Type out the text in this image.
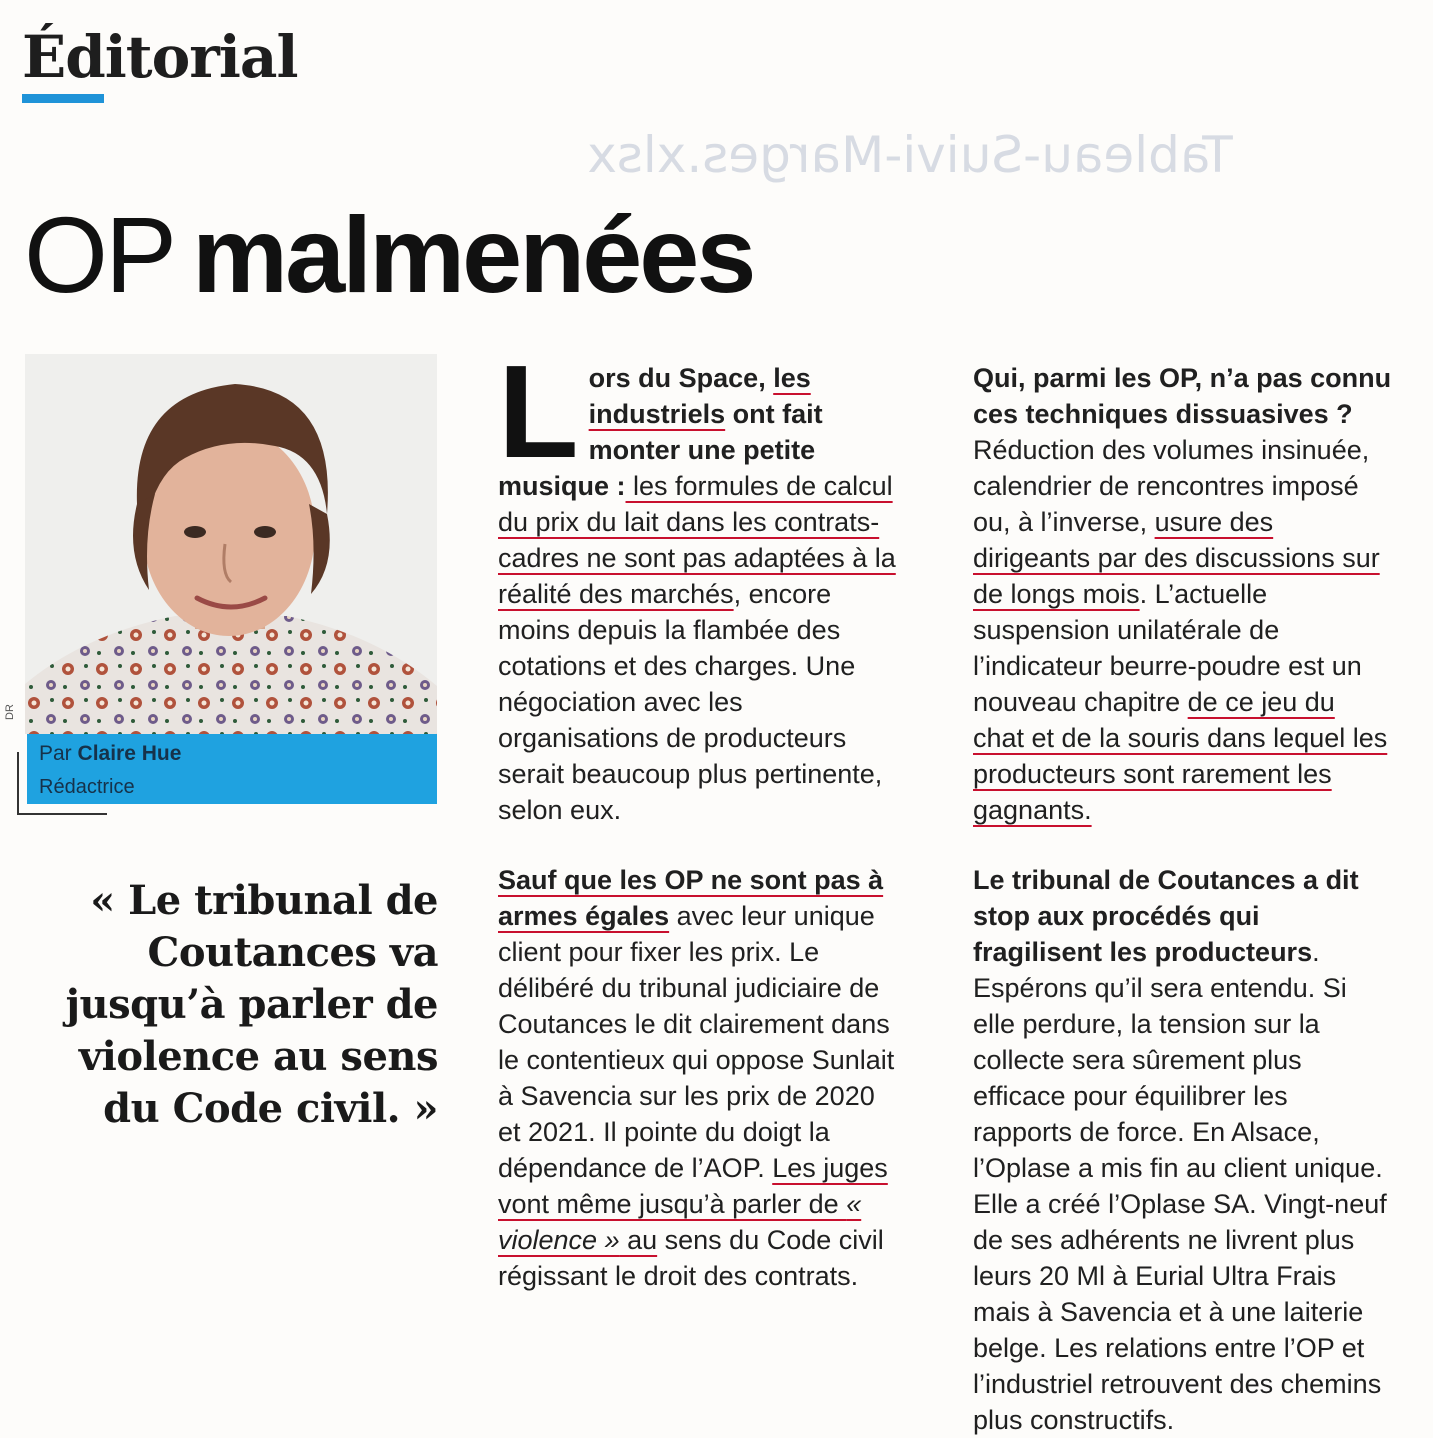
Éditorial
Tableau-Suivi-Marges.xlsx
OP malmenées
DR
Par Claire Hue
Rédactrice
« Le tribunal de Coutances va jusqu’à parler de violence au sens du Code civil. »

L ors du Space, les industriels ont fait monter une petite musique : les formules de calcul du prix du lait dans les contrats-cadres ne sont pas adaptées à la réalité des marchés, encore moins depuis la flambée des cotations et des charges. Une négociation avec les organisations de producteurs serait beaucoup plus pertinente, selon eux.

Sauf que les OP ne sont pas à armes égales avec leur unique client pour fixer les prix. Le délibéré du tribunal judiciaire de Coutances le dit clairement dans le contentieux qui oppose Sunlait à Savencia sur les prix de 2020 et 2021. Il pointe du doigt la dépendance de l’AOP. Les juges vont même jusqu’à parler de « violence » au sens du Code civil régissant le droit des contrats.

Qui, parmi les OP, n’a pas connu ces techniques dissuasives ? Réduction des volumes insinuée, calendrier de rencontres imposé ou, à l’inverse, usure des dirigeants par des discussions sur de longs mois. L’actuelle suspension unilatérale de l’indicateur beurre-poudre est un nouveau chapitre de ce jeu du chat et de la souris dans lequel les producteurs sont rarement les gagnants.

Le tribunal de Coutances a dit stop aux procédés qui fragilisent les producteurs. Espérons qu’il sera entendu. Si elle perdure, la tension sur la collecte sera sûrement plus efficace pour équilibrer les rapports de force. En Alsace, l’Oplase a mis fin au client unique. Elle a créé l’Oplase SA. Vingt-neuf de ses adhérents ne livrent plus leurs 20 Ml à Eurial Ultra Frais mais à Savencia et à une laiterie belge. Les relations entre l’OP et l’industriel retrouvent des chemins plus constructifs.
